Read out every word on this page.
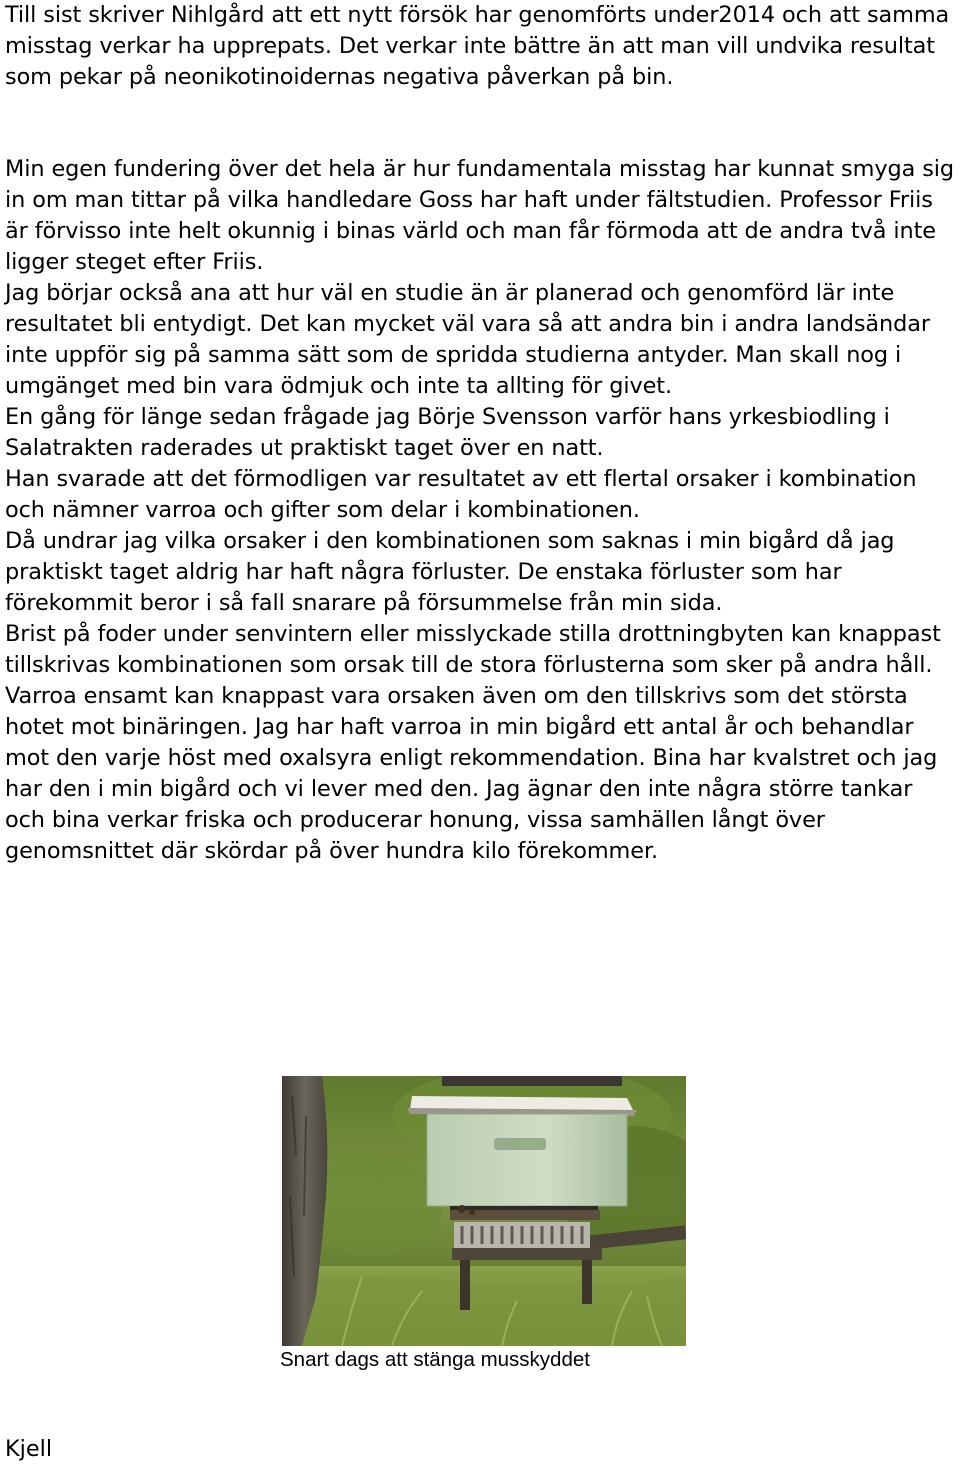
Till sist skriver Nihlgård att ett nytt försök har genomförts under2014 och att samma misstag verkar ha upprepats. Det verkar inte bättre än att man vill undvika resultat som pekar på neonikotinoidernas negativa påverkan på bin.

Min egen fundering över det hela är hur fundamentala misstag har kunnat smyga sig in om man tittar på vilka handledare Goss har haft under fältstudien. Professor Friis är förvisso inte helt okunnig i binas värld och man får förmoda att de andra två inte ligger steget efter Friis.

Jag börjar också ana att hur väl en studie än är planerad och genomförd lär inte resultatet bli entydigt. Det kan mycket väl vara så att andra bin i andra landsändar inte uppför sig på samma sätt som de spridda studierna antyder. Man skall nog i umgänget med bin vara ödmjuk och inte ta allting för givet.

En gång för länge sedan frågade jag Börje Svensson varför hans yrkesbiodling i Salatrakten raderades ut praktiskt taget över en natt.

Han svarade att det förmodligen var resultatet av ett flertal orsaker i kombination och nämner varroa och gifter som delar i kombinationen.

Då undrar jag vilka orsaker i den kombinationen som saknas i min bigård då jag praktiskt taget aldrig har haft några förluster. De enstaka förluster som har förekommit beror i så fall snarare på försummelse från min sida.

Brist på foder under senvintern eller misslyckade stilla drottningbyten kan knappast tillskrivas kombinationen som orsak till de stora förlusterna som sker på andra håll.

Varroa ensamt kan knappast vara orsaken även om den tillskrivs som det största hotet mot binäringen. Jag har haft varroa in min bigård ett antal år och behandlar mot den varje höst med oxalsyra enligt rekommendation. Bina har kvalstret och jag har den i min bigård och vi lever med den. Jag ägnar den inte några större tankar och bina verkar friska och producerar honung, vissa samhällen långt över genomsnittet där skördar på över hundra kilo förekommer.

Snart dags att stänga musskyddet
Kjell
